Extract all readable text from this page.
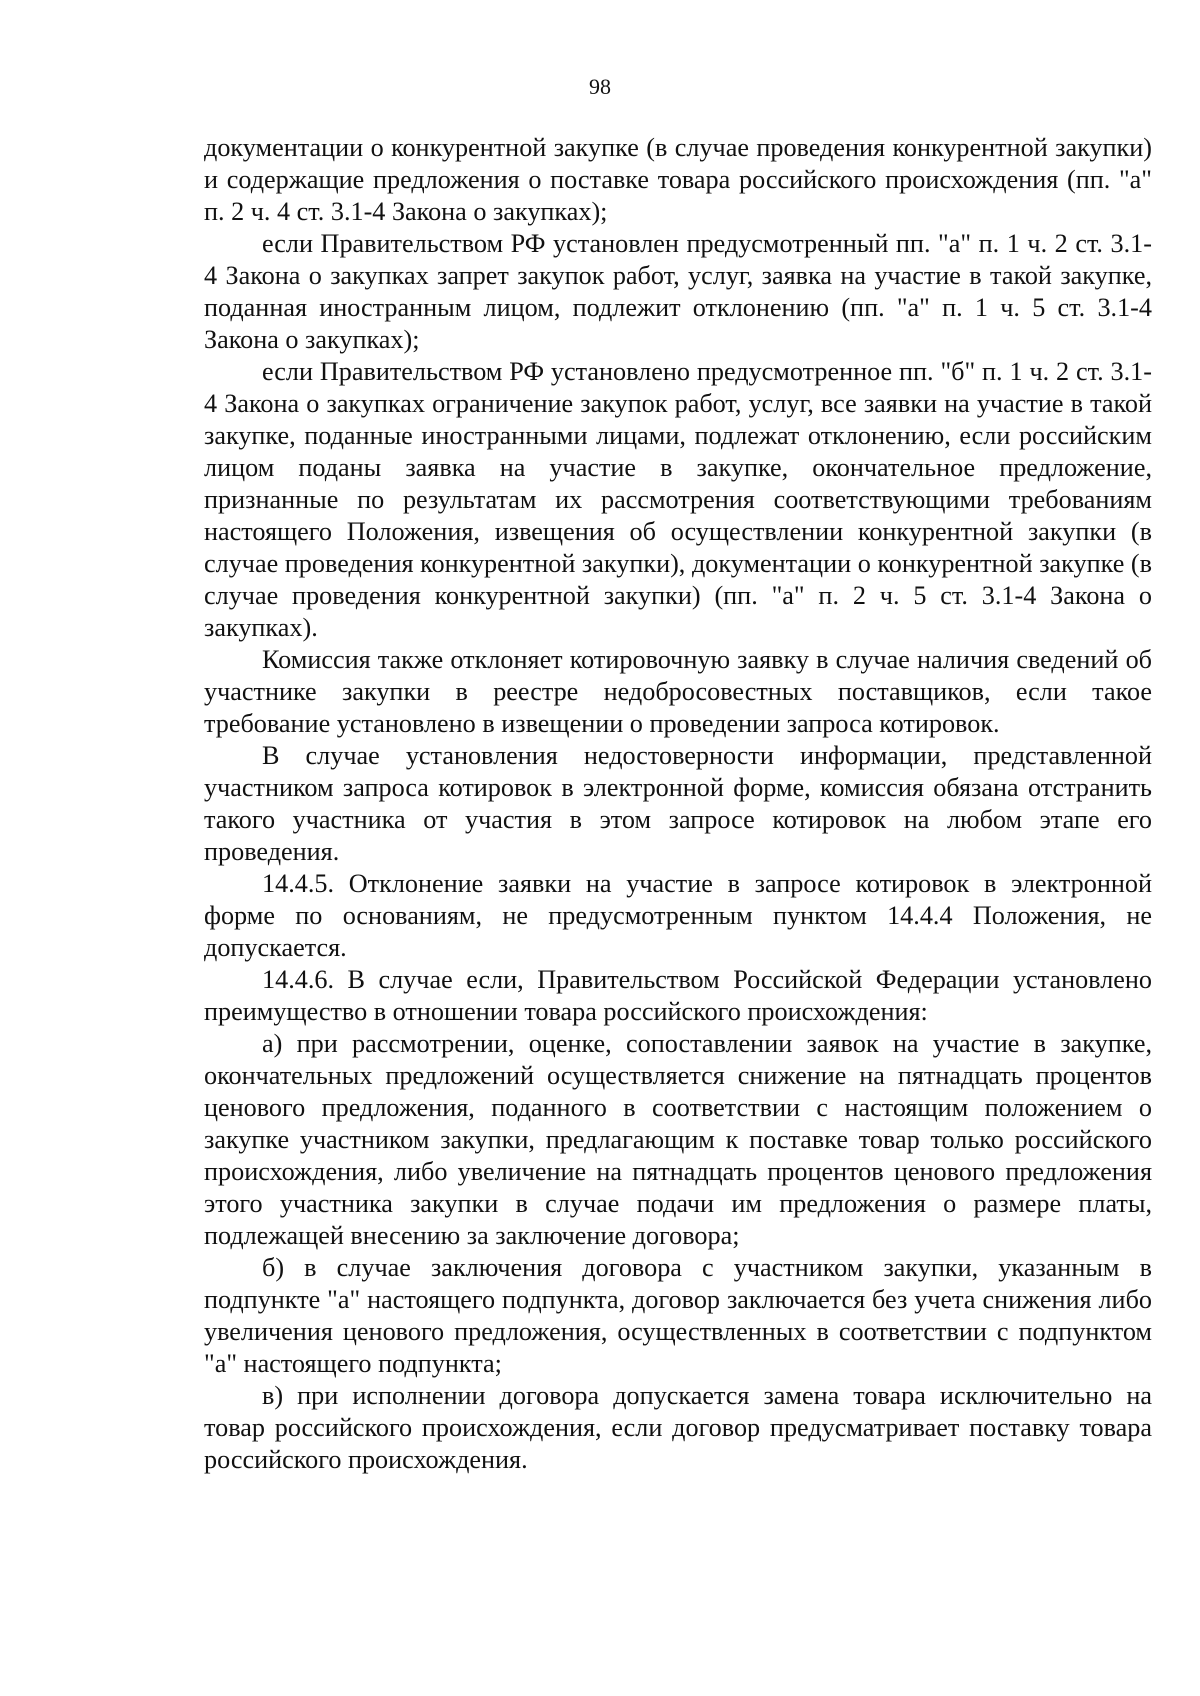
98

документации о конкурентной закупке (в случае проведения конкурентной закупки) и содержащие предложения о поставке товара российского происхождения (пп. "а" п. 2 ч. 4 ст. 3.1-4 Закона о закупках);

если Правительством РФ установлен предусмотренный пп. "а" п. 1 ч. 2 ст. 3.1-4 Закона о закупках запрет закупок работ, услуг, заявка на участие в такой закупке, поданная иностранным лицом, подлежит отклонению (пп. "а" п. 1 ч. 5 ст. 3.1-4 Закона о закупках);

если Правительством РФ установлено предусмотренное пп. "б" п. 1 ч. 2 ст. 3.1-4 Закона о закупках ограничение закупок работ, услуг, все заявки на участие в такой закупке, поданные иностранными лицами, подлежат отклонению, если российским лицом поданы заявка на участие в закупке, окончательное предложение, признанные по результатам их рассмотрения соответствующими требованиям настоящего Положения, извещения об осуществлении конкурентной закупки (в случае проведения конкурентной закупки), документации о конкурентной закупке (в случае проведения конкурентной закупки) (пп. "а" п. 2 ч. 5 ст. 3.1-4 Закона о закупках).

Комиссия также отклоняет котировочную заявку в случае наличия сведений об участнике закупки в реестре недобросовестных поставщиков, если такое требование установлено в извещении о проведении запроса котировок.

В случае установления недостоверности информации, представленной участником запроса котировок в электронной форме, комиссия обязана отстранить такого участника от участия в этом запросе котировок на любом этапе его проведения.

14.4.5. Отклонение заявки на участие в запросе котировок в электронной форме по основаниям, не предусмотренным пунктом 14.4.4 Положения, не допускается.

14.4.6. В случае если, Правительством Российской Федерации установлено преимущество в отношении товара российского происхождения:

а) при рассмотрении, оценке, сопоставлении заявок на участие в закупке, окончательных предложений осуществляется снижение на пятнадцать процентов ценового предложения, поданного в соответствии с настоящим положением о закупке участником закупки, предлагающим к поставке товар только российского происхождения, либо увеличение на пятнадцать процентов ценового предложения этого участника закупки в случае подачи им предложения о размере платы, подлежащей внесению за заключение договора;

б) в случае заключения договора с участником закупки, указанным в подпункте "а" настоящего подпункта, договор заключается без учета снижения либо увеличения ценового предложения, осуществленных в соответствии с подпунктом "а" настоящего подпункта;

в) при исполнении договора допускается замена товара исключительно на товар российского происхождения, если договор предусматривает поставку товара российского происхождения.
